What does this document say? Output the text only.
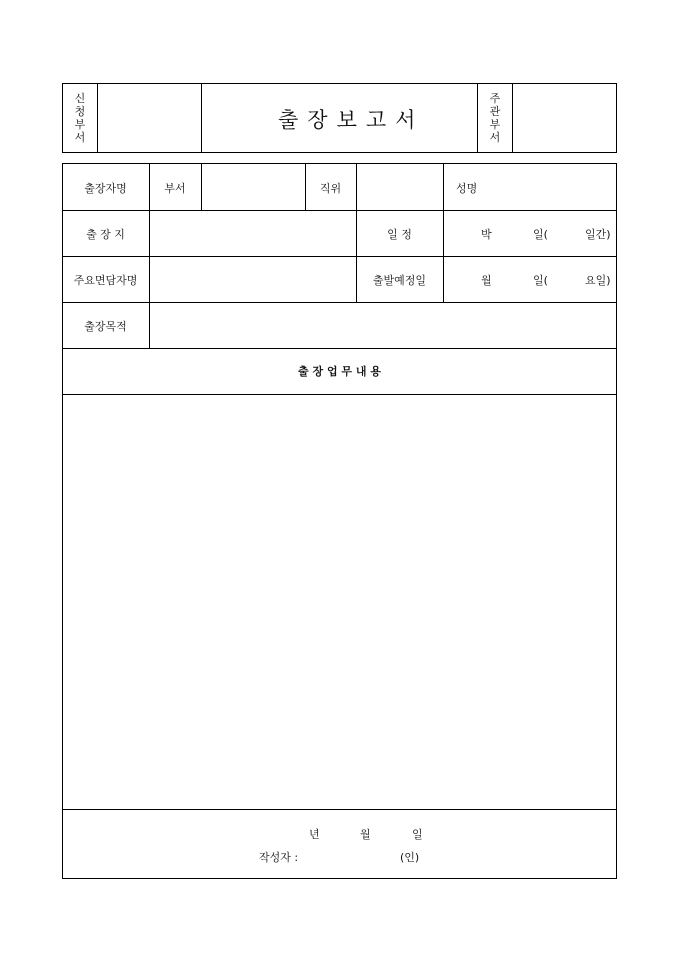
신
청
부
서
출장보고서
주
관
부
서
출장자명	부서	직위	성명
출 장 지	일 정	박	일(	일간)
주요면담자명	출발예정일	월	일(	요일)
출장목적
출 장 업 무 내 용
년	월	일
작성자 :	(인)
